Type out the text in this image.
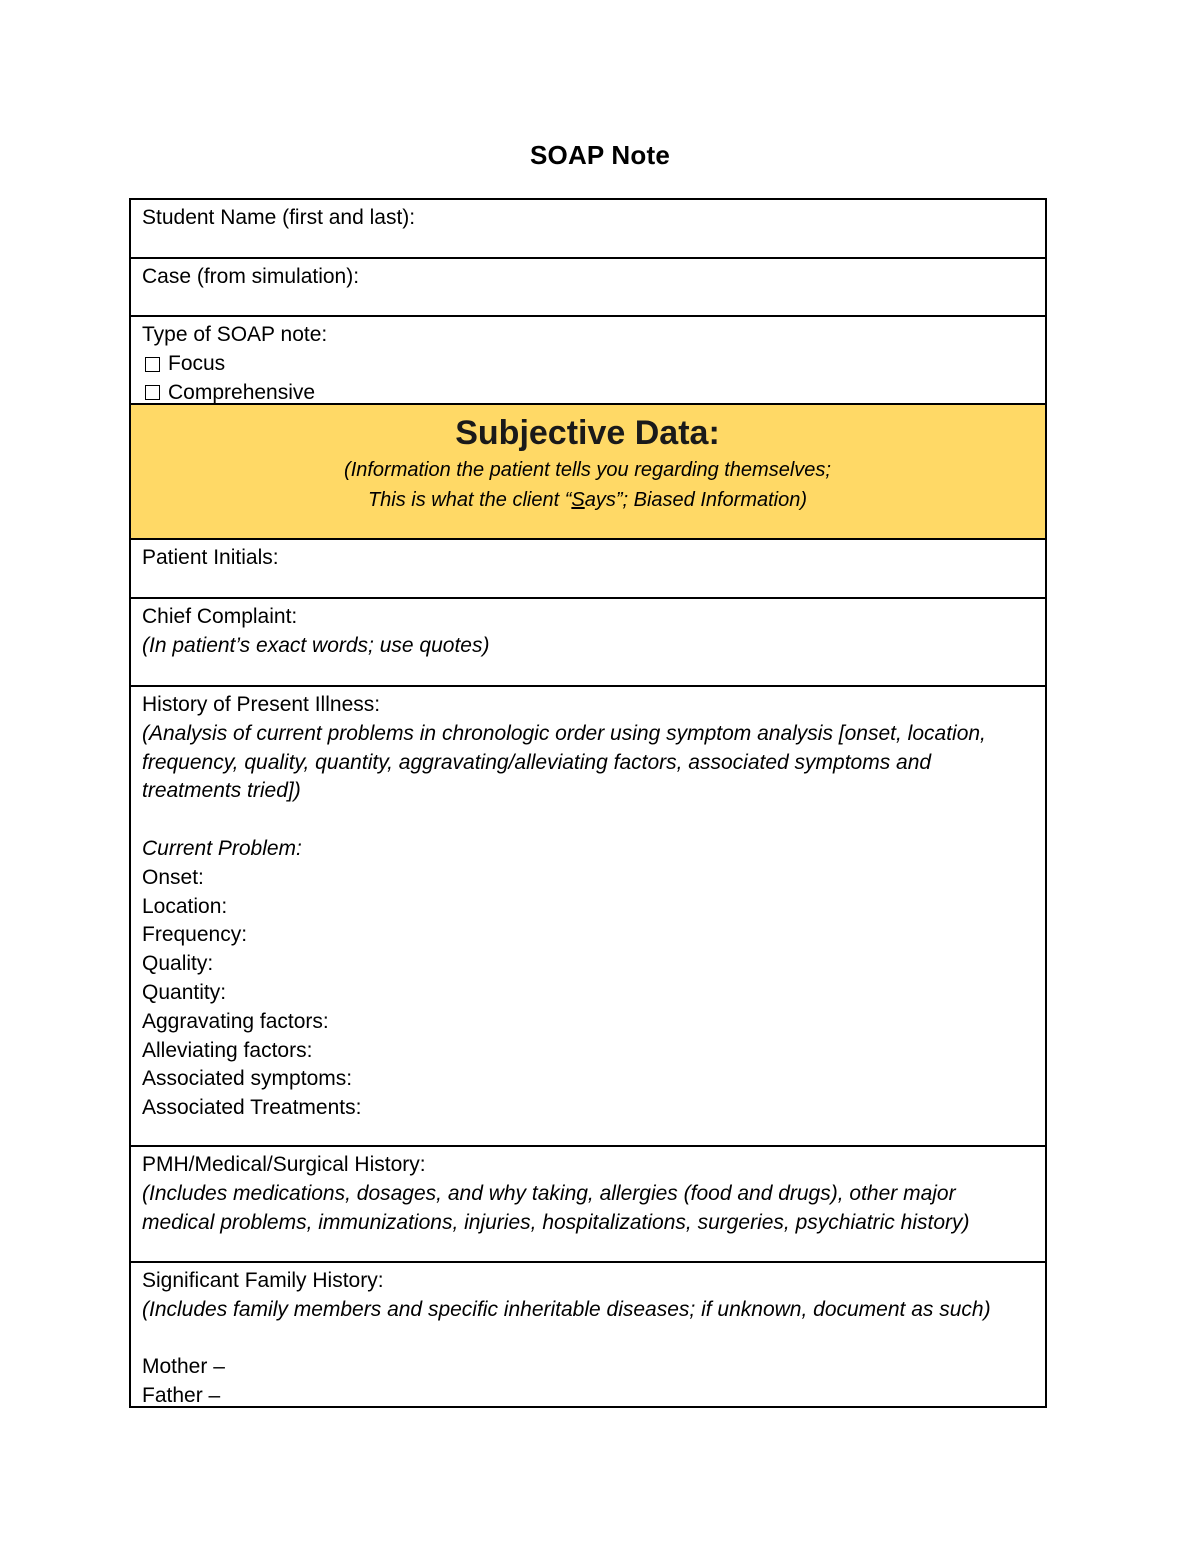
SOAP Note
Student Name (first and last):
Case (from simulation):
Type of SOAP note:
Focus
Comprehensive
Subjective Data:
(Information the patient tells you regarding themselves;
This is what the client “Says”; Biased Information)
Patient Initials:
Chief Complaint:
(In patient’s exact words; use quotes)
History of Present Illness:
(Analysis of current problems in chronologic order using symptom analysis [onset, location, frequency, quality, quantity, aggravating/alleviating factors, associated symptoms and treatments tried])
Current Problem:
Onset:
Location:
Frequency:
Quality:
Quantity:
Aggravating factors:
Alleviating factors:
Associated symptoms:
Associated Treatments:
PMH/Medical/Surgical History:
(Includes medications, dosages, and why taking, allergies (food and drugs), other major medical problems, immunizations, injuries, hospitalizations, surgeries, psychiatric history)
Significant Family History:
(Includes family members and specific inheritable diseases; if unknown, document as such)
Mother –
Father –
